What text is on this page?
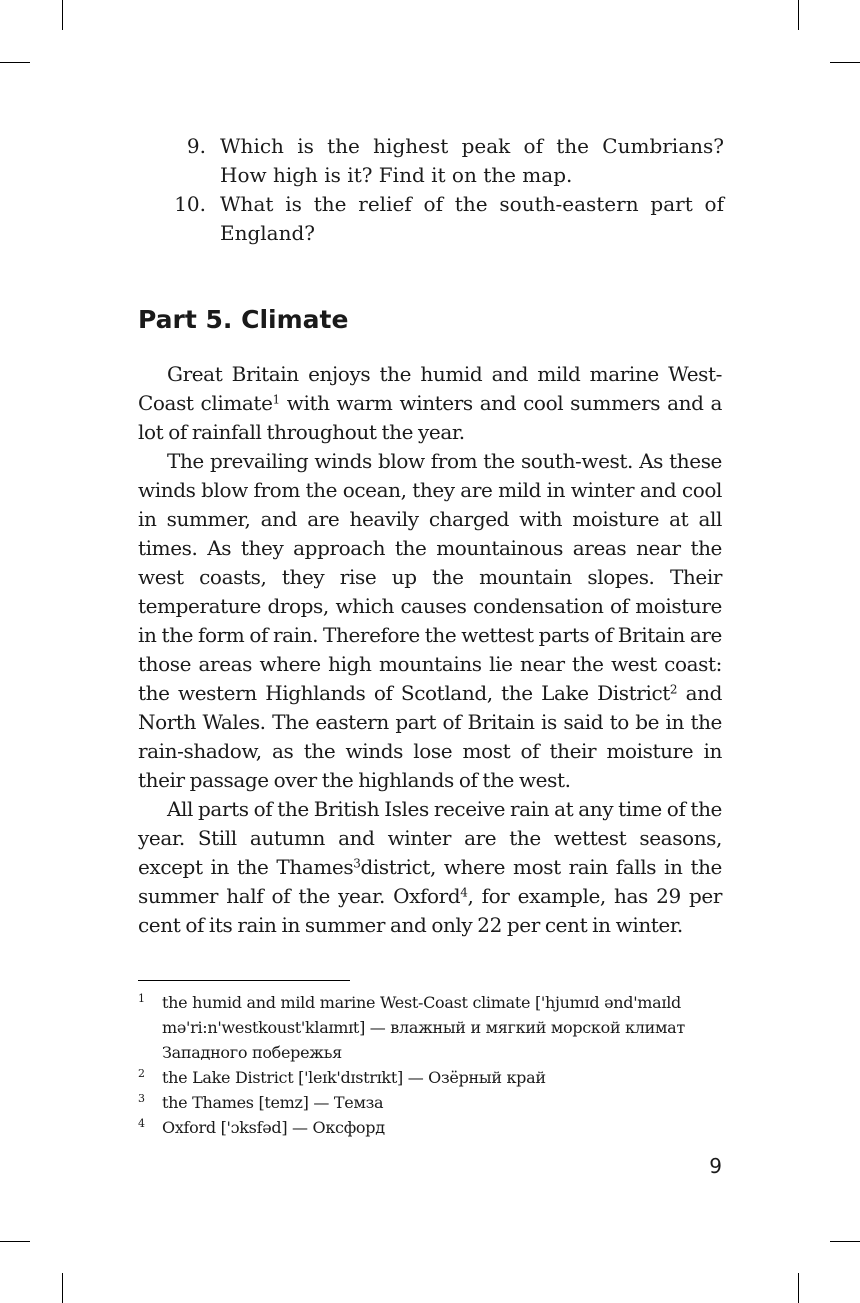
9. Which is the highest peak of the Cumbrians? How high is it? Find it on the map.
10. What is the relief of the south-eastern part of England?
Part 5. Climate

Great Britain enjoys the humid and mild marine West-Coast climate$^1$ with warm winters and cool summers and a lot of rainfall throughout the year.

The prevailing winds blow from the south-west. As these winds blow from the ocean, they are mild in winter and cool in summer, and are heavily charged with moisture at all times. As they approach the mountainous areas near the west coasts, they rise up the mountain slopes. Their temperature drops, which causes condensation of moisture in the form of rain. Therefore the wettest parts of Britain are those areas where high mountains lie near the west coast: the western Highlands of Scotland, the Lake District$^2$ and North Wales. The eastern part of Britain is said to be in the rain-shadow, as the winds lose most of their moisture in their passage over the highlands of the west.

All parts of the British Isles receive rain at any time of the year. Still autumn and winter are the wettest seasons, except in the Thames$^3$district, where most rain falls in the summer half of the year. Oxford$^4$, for example, has 29 per cent of its rain in summer and only 22 per cent in winter.

1 the humid and mild marine West-Coast climate ['hjumɪd ənd'maɪld mə'ri:n'westkoust'klaɪmɪt] — влажный и мягкий морской климат Западного побережья
2 the Lake District ['leɪk'dɪstrɪkt] — Озёрный край
3 the Thames [temz] — Темза
4 Oxford ['ɔksfəd] — Оксфорд
9
